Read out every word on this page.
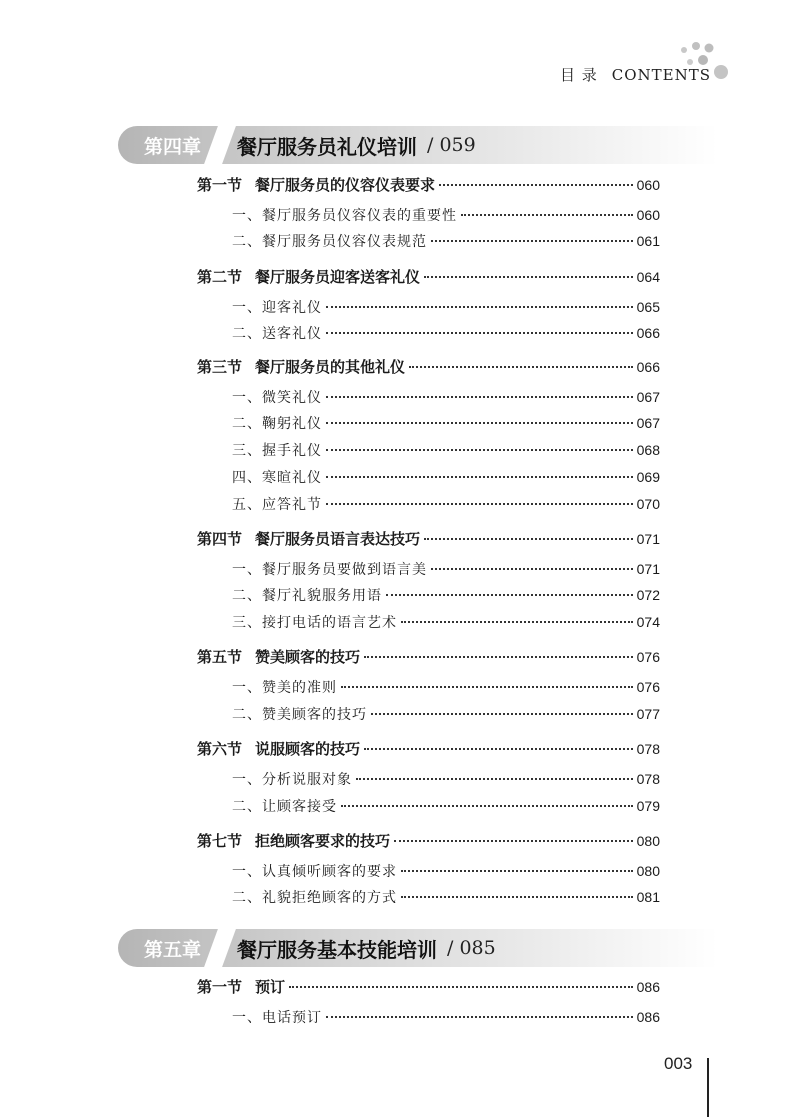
目 录 CONTENTS
第四章 餐厅服务员礼仪培训 / 059
第一节 餐厅服务员的仪容仪表要求	060
一、餐厅服务员仪容仪表的重要性	060
二、餐厅服务员仪容仪表规范	061
第二节 餐厅服务员迎客送客礼仪	064
一、迎客礼仪	065
二、送客礼仪	066
第三节 餐厅服务员的其他礼仪	066
一、微笑礼仪	067
二、鞠躬礼仪	067
三、握手礼仪	068
四、寒暄礼仪	069
五、应答礼节	070
第四节 餐厅服务员语言表达技巧	071
一、餐厅服务员要做到语言美	071
二、餐厅礼貌服务用语	072
三、接打电话的语言艺术	074
第五节 赞美顾客的技巧	076
一、赞美的准则	076
二、赞美顾客的技巧	077
第六节 说服顾客的技巧	078
一、分析说服对象	078
二、让顾客接受	079
第七节 拒绝顾客要求的技巧	080
一、认真倾听顾客的要求	080
二、礼貌拒绝顾客的方式	081
第五章 餐厅服务基本技能培训 / 085
第一节 预订	086
一、电话预订	086
003
